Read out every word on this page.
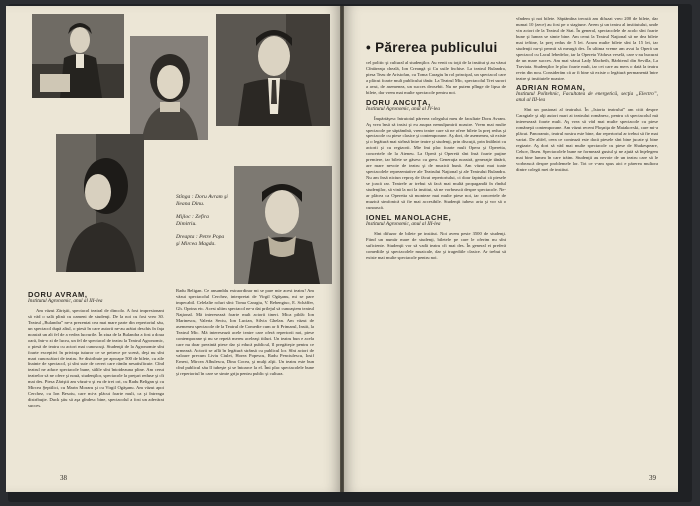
Stînga : Doru Avram şi Ileana Dinu.
Mijloc : Zefira Dimitriu.
Dreapta : Petre Popa şi Mircea Magda.
DORU AVRAM,
Institutul Agronomic, anul al III-lea

Am văzut Zăriştii, spectacol teatral de dincolo. A fost impresionant să văd o sală plină cu oameni de studenţi. De la noi cu fost vreo 30. Teatrul „Bulandra” ne-a prezentat cea mai mare parte din repertoriul său, un spectacol după altul, o piesă în care autorii ne-au arătat deschis în faţa noastră un alt fel de a vedea lucrurile. În ziua de la Bulandra a fost a doua oară, într-o zi de lucru, un fel de spectacol de teatru la Teatrul Agronomic, o piesă de teatru cu actori mai cunoscuţi. Studenţii de la Agronomie sînt foarte exceptivi în privinţa tuturor ce se petrece pe scenă, deşi nu sînt mari cunoscători de teatru. Se distribuie pe aproape 500 de bilete, cu zile înainte de spectacol, şi sînt sute de cereri care rămîn nesatisfăcute. Cînd teatrul ne aduce spectacole bune, sălile sînt întotdeauna pline. Am cerut teatrelor să ne ofere şi nouă, studenţilor, spectacole la preţuri reduse şi cît mai des. Piesa Zăriştii am văzut-o şi eu de trei ori, cu Radu Beligan şi cu Mircea Şeptilici, cu Marin Moraru şi cu Virgil Ogăşanu. Am văzut apoi Cerchez, cu Ion Besoiu, care mi-a plăcut foarte mult, ca şi întreaga distribuţie. Duck ştiu să aşa gîndesc bine, spectacolul a fost un adevărat succes.

Radu Beligan. Ce ansamblu extraordinar mi se pare mie acest teatru! Am văzut spectacolul Cerchez, interpretat de Virgil Ogăşanu, mi se pare impecabil. Celelalte roluri sînt: Toma Caragiu, V. Rebengiuc, E. Schäffer, Gh. Oprina etc. Acest ultim spectacol ne-a dat prilejul să cunoaştem teatrul Naţional. Mă interesează foarte mult actorii tineri. Mica pildă: Ion Marinescu, Valeria Seciu, Ion Lucian, Silvia Ghelan. Am văzut de asemenea spectacole de la Teatrul de Comedie cum ar fi Primarul, Instit, la Teatrul Mic. Mă interesează acele teatre care oferă repertorii noi, piese contemporane şi nu se repetă mereu aceleaşi titluri. Un teatru bun e acela care nu doar prezintă piese dar şi educă publicul, îl pregăteşte pentru ce urmează. Actorii se află în legătură strânsă cu publicul lor. Sînt actori de valoare precum Liviu Ciulei, Horea Popescu, Radu Penciulescu, Iosif Ernest, Mircea Albulescu, Dina Cocea, şi mulţi alţii. Un teatru este bun cînd publicul său îl iubeşte şi se întoarce la el. Îmi plac spectacolele bune şi repertoriul în care se simte grija pentru public şi cultura.

38
• Părerea publicului

cel politic şi cultural al studenţilor. Au venit cu toţii de la institut şi au văzut Cîntăreaţa cheală, Ion Creangă şi Cu usile închise. La teatrul Bulandra, piesa Tezu de Aristofan, cu Toma Caragiu în rol principal, un spectacol care a plăcut foarte mult publicului tânăr. La Teatrul Mic, spectacolul Trei surori a avut, de asemenea, un succes deosebit. Nu ne putem plînge de lipsa de bilete, dar vrem mai multe spectacole pentru noi.

DORU ANCUŢA,
Institutul Agronomic, anul al IV-lea

Împărtăşesc întrutotul părerea colegului meu de facultate Doru Avram. Aş vrea însă să insist şi eu asupra nemulţumirii noastre. Vrem mai multe spectacole pe săptămînă, vrem teatre care să ne ofere bilete la preţ redus şi spectacole cu piese clasice şi contemporane. Aş dori, de asemenea, să existe şi o legătură mai strînsă între teatre şi studenţi, prin discuţii, prin întâlniri cu actorii şi cu regizorii. Mie îmi plac foarte mult Opera şi Operetta, concertele de la Ateneu. La Operă şi Operetă sînt însă foarte puţine premiere, iar bilete se găsesc cu greu. Generaţia noastră, generaţie tânără, are mare nevoie de teatru şi de muzică bună. Am văzut mai toate spectacolele reprezentative ale Teatrului Naţional şi ale Teatrului Bulandra. Nu am însă niciun reproş de făcut repertoriului, ci doar faptului că piesele se joacă rar. Teatrele ar trebui să facă mai multă propagandă în rîndul studenţilor, să vină la noi la institut, să ne vorbească despre spectacole. Ne-ar plăcea ca Operetta să monteze mai multe piese noi, iar concertele de muzică simfonică să fie mai accesibile. Studenţii iubesc arta şi vor să o cunoască.

IONEL MANOLACHE,
Institutul Agronomic, anul al III-lea

Sînt difuzor de bilete pe institut. Noi avem peste 3500 de studenţi. Fiind un număr mare de studenţi, biletele pe care le oferim nu sînt suficiente. Studenţii vor să vadă teatru cît mai des. În general ei preferă comediile şi spectacolele muzicale, dar şi tragediile clasice. Ar trebui să existe mai multe spectacole pentru noi.

vîndem şi noi bilete. Săptămîna trecută am difuzat vreo 200 de bilete, dar numai 10 (zece) au fost pe o stagiune. Avem şi un teatru al institutului, unde vin actori de la Teatrul de Stat. În general, spectacolele de acolo sînt foarte bune şi lumea se simte bine. Am cerut la Teatrul Naţional să ne dea bilete mai ieftine, la preţ redus de 5 lei. Acum multe bilete sînt la 15 lei, iar studenţii nu-şi permit să meargă des. În ultima vreme am avut la Operă un spectacol cu Lacul lebedelor, iar la Opereta Văduva veselă, care s-au bucurat de un mare succes. Am mai văzut Lady Macbeth, Bărbierul din Sevilla, La Traviata. Studenţilor le plac foarte mult, iar cei care au mers o dată la teatru revin din nou. Considerăm că ar fi bine să existe o legătură permanentă între teatre şi institutele noastre.

ADRIAN ROMAN,
Institutul Politehnic, Facultatea de energetică, secţia „Electro”, anul al III-lea

Sînt un pasionat al teatrului. În „Istoria teatrului” am citit despre Caragiale şi alţi autori mari ai teatrului românesc, pentru că spectacolul mă interesează foarte mult. Aş vrea să văd mai multe spectacole cu piese româneşti contemporane. Am văzut recent Ploşniţa de Maiakovski, care mi-a plăcut. Panoramic, teatrul nostru este bine, dar repertoriul ar trebui să fie mai variat. De altfel, ceea ce contează este dacă piesele sînt bine jucate şi bine regizate. Aş dori să văd mai multe spectacole cu piese de Shakespeare, Cehov, Ibsen. Spectacolele bune ne formează gustul şi ne ajută să înţelegem mai bine lumea în care trăim. Studenţii au nevoie de un teatru care să le vorbească despre problemele lor. Tot ce v-am spus aici e părerea multora dintre colegii mei de institut.

39
